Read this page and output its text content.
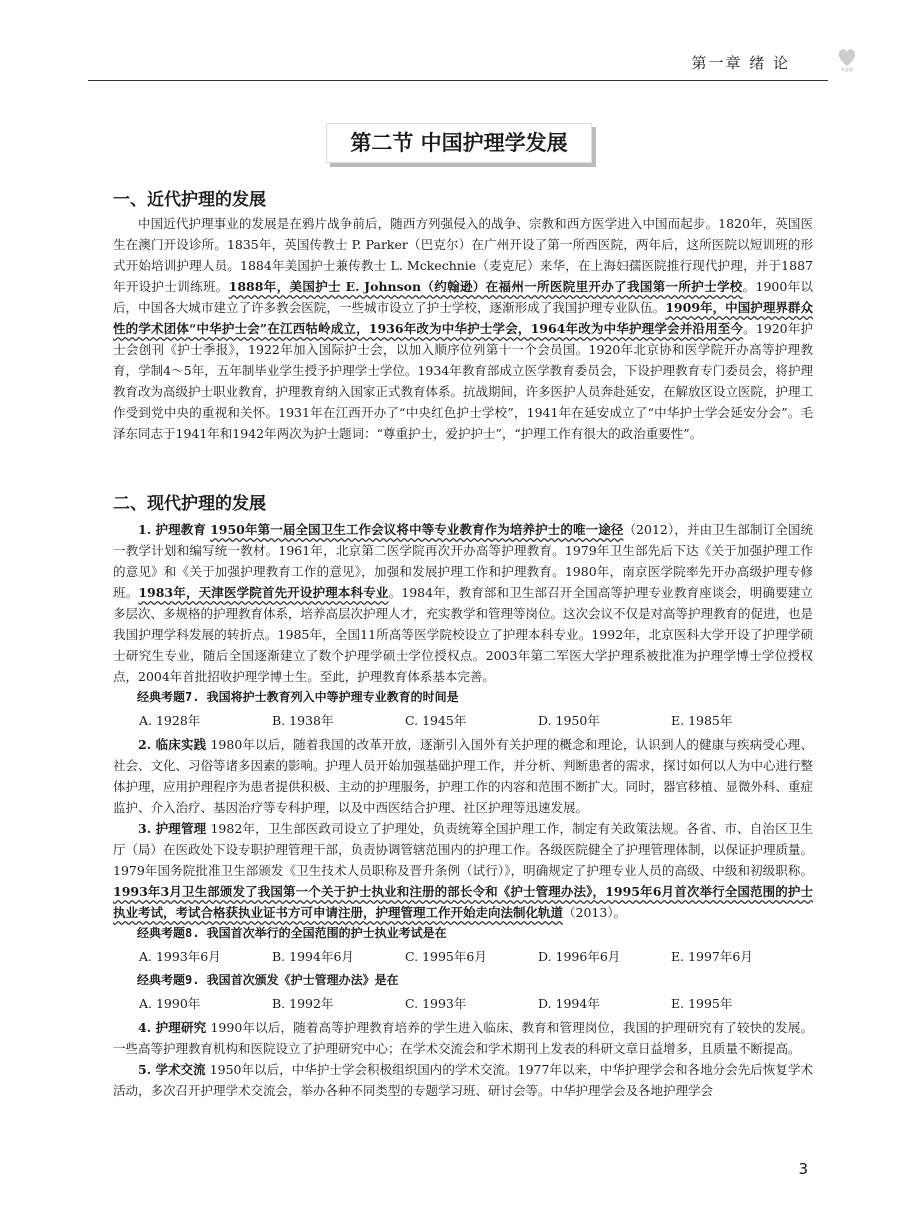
第一章 绪 论	有意思
第二节 中国护理学发展
一、近代护理的发展

中国近代护理事业的发展是在鸦片战争前后，随西方列强侵入的战争、宗教和西方医学进入中国而起步。1820年，英国医生在澳门开设诊所。1835年，英国传教士 P. Parker（巴克尔）在广州开设了第一所西医院，两年后，这所医院以短训班的形式开始培训护理人员。1884年美国护士兼传教士 L. Mckechnie（麦克尼）来华，在上海妇孺医院推行现代护理，并于1887年开设护士训练班。1888年，美国护士 E. Johnson（约翰逊）在福州一所医院里开办了我国第一所护士学校。1900年以后，中国各大城市建立了许多教会医院，一些城市设立了护士学校，逐渐形成了我国护理专业队伍。1909年，中国护理界群众性的学术团体“中华护士会”在江西牯岭成立，1936年改为中华护士学会，1964年改为中华护理学会并沿用至今。1920年护士会创刊《护士季报》，1922年加入国际护士会，以加入顺序位列第十一个会员国。1920年北京协和医学院开办高等护理教育，学制4～5年，五年制毕业学生授予护理学士学位。1934年教育部成立医学教育委员会，下设护理教育专门委员会，将护理教育改为高级护士职业教育，护理教育纳入国家正式教育体系。抗战期间，许多医护人员奔赴延安，在解放区设立医院，护理工作受到党中央的重视和关怀。1931年在江西开办了“中央红色护士学校”，1941年在延安成立了“中华护士学会延安分会”。毛泽东同志于1941年和1942年两次为护士题词：“尊重护士，爱护护士”，“护理工作有很大的政治重要性”。

二、现代护理的发展

1. 护理教育 1950年第一届全国卫生工作会议将中等专业教育作为培养护士的唯一途径（2012），并由卫生部制订全国统一教学计划和编写统一教材。1961年，北京第二医学院再次开办高等护理教育。1979年卫生部先后下达《关于加强护理工作的意见》和《关于加强护理教育工作的意见》，加强和发展护理工作和护理教育。1980年，南京医学院率先开办高级护理专修班。1983年，天津医学院首先开设护理本科专业。1984年，教育部和卫生部召开全国高等护理专业教育座谈会，明确要建立多层次、多规格的护理教育体系，培养高层次护理人才，充实教学和管理等岗位。这次会议不仅是对高等护理教育的促进，也是我国护理学科发展的转折点。1985年，全国11所高等医学院校设立了护理本科专业。1992年，北京医科大学开设了护理学硕士研究生专业，随后全国逐渐建立了数个护理学硕士学位授权点。2003年第二军医大学护理系被批准为护理学博士学位授权点，2004年首批招收护理学博士生。至此，护理教育体系基本完善。

经典考题7. 我国将护士教育列入中等护理专业教育的时间是

A. 1928年	B. 1938年	C. 1945年	D. 1950年	E. 1985年

2. 临床实践 1980年以后，随着我国的改革开放，逐渐引入国外有关护理的概念和理论，认识到人的健康与疾病受心理、社会、文化、习俗等诸多因素的影响。护理人员开始加强基础护理工作，并分析、判断患者的需求，探讨如何以人为中心进行整体护理，应用护理程序为患者提供积极、主动的护理服务，护理工作的内容和范围不断扩大。同时，器官移植、显微外科、重症监护、介入治疗、基因治疗等专科护理，以及中西医结合护理、社区护理等迅速发展。

3. 护理管理 1982年，卫生部医政司设立了护理处，负责统筹全国护理工作，制定有关政策法规。各省、市、自治区卫生厅（局）在医政处下设专职护理管理干部，负责协调管辖范围内的护理工作。各级医院健全了护理管理体制，以保证护理质量。1979年国务院批准卫生部颁发《卫生技术人员职称及晋升条例（试行）》，明确规定了护理专业人员的高级、中级和初级职称。1993年3月卫生部颁发了我国第一个关于护士执业和注册的部长令和《护士管理办法》，1995年6月首次举行全国范围的护士执业考试，考试合格获执业证书方可申请注册，护理管理工作开始走向法制化轨道（2013）。

经典考题8. 我国首次举行的全国范围的护士执业考试是在

A. 1993年6月	B. 1994年6月	C. 1995年6月	D. 1996年6月	E. 1997年6月

经典考题9. 我国首次颁发《护士管理办法》是在

A. 1990年	B. 1992年	C. 1993年	D. 1994年	E. 1995年

4. 护理研究 1990年以后，随着高等护理教育培养的学生进入临床、教育和管理岗位，我国的护理研究有了较快的发展。一些高等护理教育机构和医院设立了护理研究中心；在学术交流会和学术期刊上发表的科研文章日益增多，且质量不断提高。

5. 学术交流 1950年以后，中华护士学会积极组织国内的学术交流。1977年以来，中华护理学会和各地分会先后恢复学术活动，多次召开护理学术交流会，举办各种不同类型的专题学习班、研讨会等。中华护理学会及各地护理学会

3
